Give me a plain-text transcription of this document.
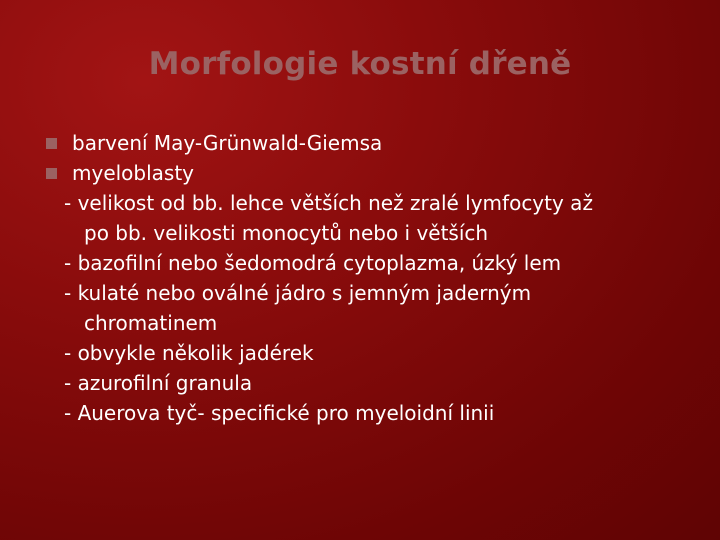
Morfologie kostní dřeně
barvení May-Grünwald-Giemsa
myeloblasty
- velikost od bb. lehce větších než zralé lymfocyty až
po bb. velikosti monocytů nebo i větších
- bazofilní nebo šedomodrá cytoplazma, úzký lem
- kulaté nebo oválné jádro s jemným jaderným
chromatinem
- obvykle několik jadérek
- azurofilní granula
- Auerova tyč- specifické pro myeloidní linii
